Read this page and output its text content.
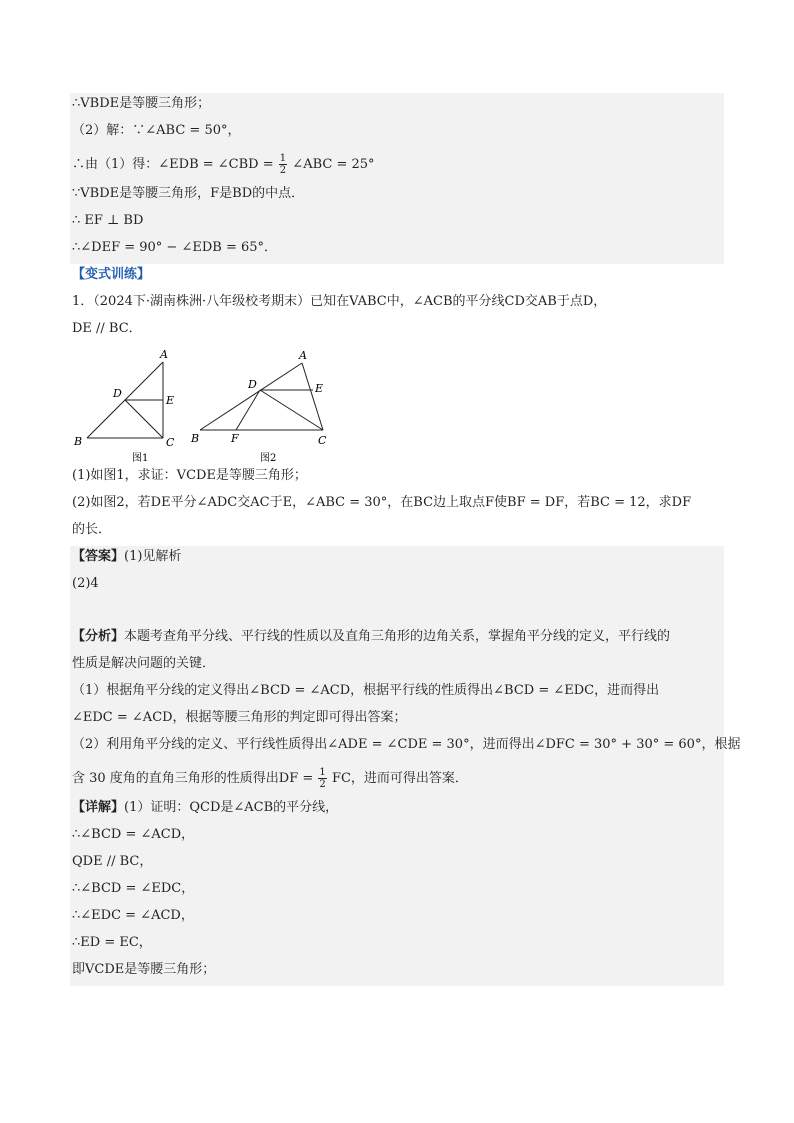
∴VBDE是等腰三角形；
（2）解：∵∠ABC = 50°，
∴由（1）得：∠EDB = ∠CBD = $\frac{1}{2}$ ∠ABC = 25°
∵VBDE是等腰三角形，F是BD的中点．
∴ EF ⊥ BD
∴∠DEF = 90° − ∠EDB = 65°．
【变式训练】
1．（2024下·湖南株洲·八年级校考期末）已知在VABC中，∠ACB的平分线CD交AB于点D，
DE // BC．
A
B	C
D
E
图1
A
B	C
D	E
F
图2
(1)如图1，求证：VCDE是等腰三角形；
(2)如图2，若DE平分∠ADC交AC于E，∠ABC = 30°，在BC边上取点F使BF = DF，若BC = 12，求DF
的长．
【答案】(1)见解析
(2)4
【分析】本题考查角平分线、平行线的性质以及直角三角形的边角关系，掌握角平分线的定义，平行线的
性质是解决问题的关键．
（1）根据角平分线的定义得出∠BCD = ∠ACD，根据平行线的性质得出∠BCD = ∠EDC，进而得出
∠EDC = ∠ACD，根据等腰三角形的判定即可得出答案；
（2）利用角平分线的定义、平行线性质得出∠ADE = ∠CDE = 30°，进而得出∠DFC = 30° + 30° = 60°，根据
含 30 度角的直角三角形的性质得出DF = $\frac{1}{2}$ FC，进而可得出答案．
【详解】(1）证明：QCD是∠ACB的平分线，
∴∠BCD = ∠ACD，
QDE // BC，
∴∠BCD = ∠EDC，
∴∠EDC = ∠ACD，
∴ED = EC，
即VCDE是等腰三角形；
